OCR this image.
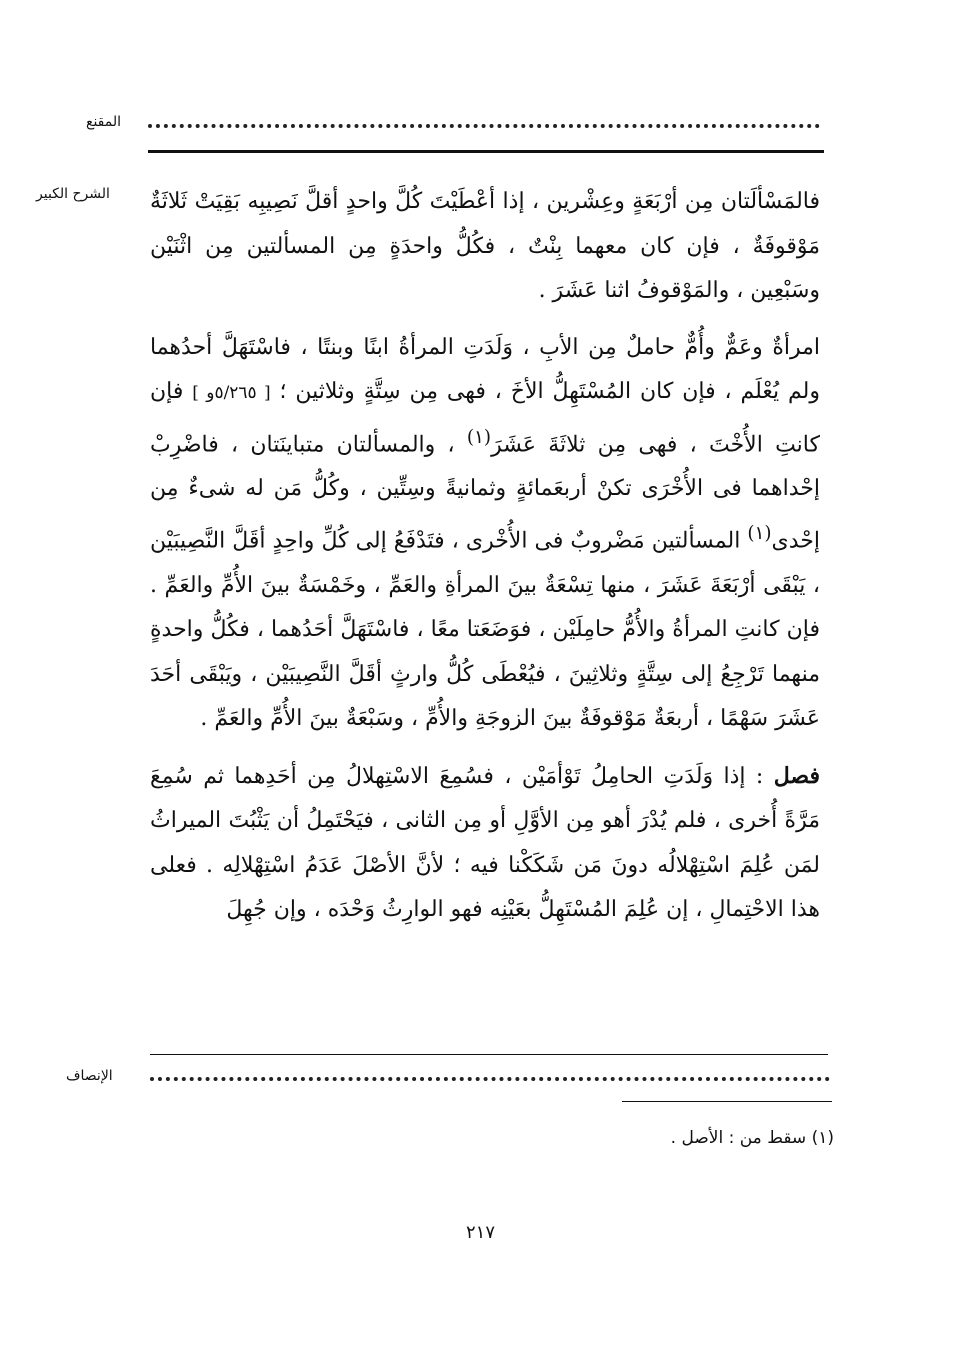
المقنع
الشرح الكبير فالمَسْألَتان مِن أرْبَعَةٍ وعِشْرين ، إذا أعْطَيْتَ كُلَّ واحدٍ أقلَّ نَصِيبِه بَقِيَتْ ثَلاثَةٌ مَوْقوفَةٌ ، فإن كان معهما بِنْتٌ ، فكُلُّ واحدَةٍ مِن المسألتين مِن اثْنَيْن وسَبْعِين ، والمَوْقوفُ اثنا عَشَرَ .

امرأةٌ وعَمٌّ وأُمٌّ حاملٌ مِن الأبِ ، وَلَدَتِ المرأةُ ابنًا وبنتًا ، فاسْتَهَلَّ أحدُهما ولم يُعْلَم ، فإن كان المُسْتَهِلُّ الأخَ ، فهى مِن سِتَّةٍ وثلاثين ؛ [ ٥/٢٦٥و ] فإن كانتِ الأُخْتَ ، فهى مِن ثلاثَةَ عَشَرَ$^{(١)}$ ، والمسألتان متباينَتان ، فاضْرِبْ إحْداهما فى الأُخْرَى تكنْ أربعَمائةٍ وثمانيةً وسِتِّين ، وكُلُّ مَن له شىءٌ مِن إحْدى$^{(١)}$ المسألتين مَضْروبٌ فى الأُخْرى ، فتَدْفَعُ إلى كُلِّ واحِدٍ أقَلَّ النَّصِيبَيْن ، يَبْقَى أرْبَعَةَ عَشَرَ ، منها تِسْعَةٌ بينَ المرأةِ والعَمِّ ، وخَمْسَةٌ بينَ الأُمِّ والعَمِّ . فإن كانتِ المرأةُ والأُمُّ حامِلَيْن ، فوَضَعَتا معًا ، فاسْتَهَلَّ أحَدُهما ، فكُلُّ واحدةٍ منهما تَرْجِعُ إلى سِتَّةٍ وثلاثِينَ ، فيُعْطَى كُلُّ وارثٍ أقَلَّ النَّصِيبَيْن ، ويَبْقَى أحَدَ عَشَرَ سَهْمًا ، أربعَةٌ مَوْقوفَةٌ بينَ الزوجَةِ والأُمِّ ، وسَبْعَةٌ بينَ الأُمِّ والعَمِّ .

فصل : إذا وَلَدَتِ الحامِلُ تَوْأمَيْن ، فسُمِعَ الاسْتِهلالُ مِن أحَدِهما ثم سُمِعَ مَرَّةً أُخرى ، فلم يُدْرَ أهو مِن الأوَّلِ أو مِن الثانى ، فيَحْتَمِلُ أن يَثْبُتَ الميراثُ لمَن عُلِمَ اسْتِهْلالُه دونَ مَن شَكَكْنا فيه ؛ لأنَّ الأصْلَ عَدَمُ اسْتِهْلالِه . فعلى هذا الاحْتِمالِ ، إن عُلِمَ المُسْتَهِلُّ بعَيْنِه فهو الوارِثُ وَحْدَه ، وإن جُهِلَ

الإنصاف
(١) سقط من : الأصل .
٢١٧
